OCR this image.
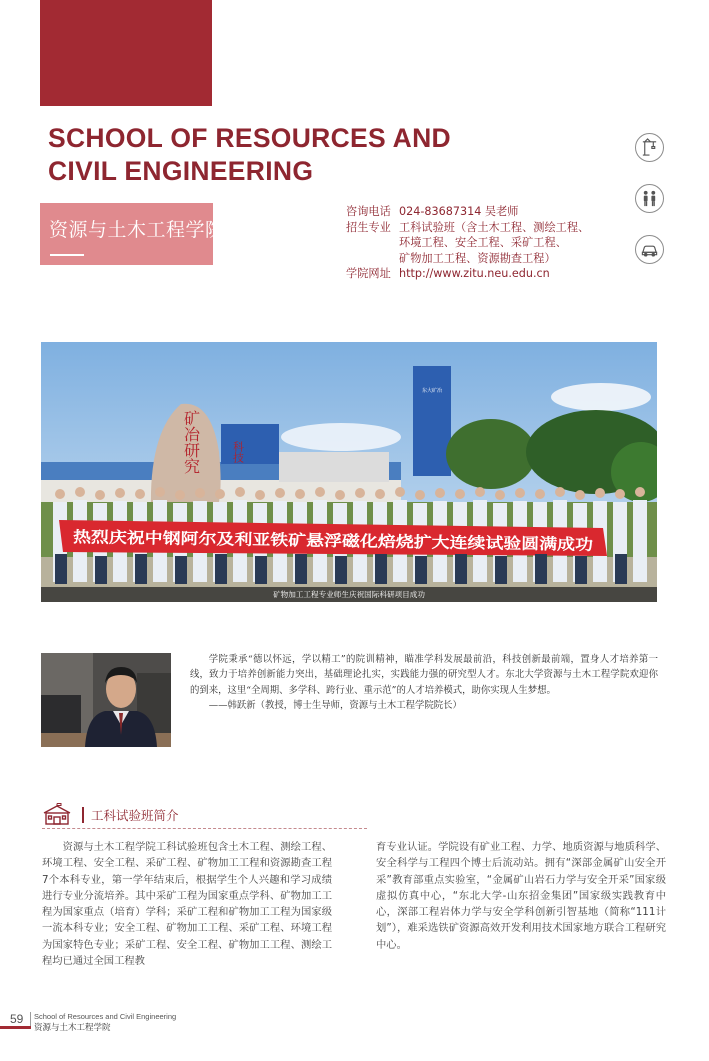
SCHOOL OF RESOURCES AND
CIVIL ENGINEERING
资源与土木工程学院
咨询电话 024-83687314 吴老师
招生专业 工科试验班（含土木工程、测绘工程、
环境工程、安全工程、采矿工程、
矿物加工工程、资源勘查工程）
学院网址 http://www.zitu.neu.edu.cn
东大矿冶
矿冶研究	科技
热烈庆祝中钢阿尔及利亚铁矿悬浮磁化焙烧扩大连续试验圆满成功
矿物加工工程专业师生庆祝国际科研项目成功

学院秉承“德以怀远，学以精工”的院训精神，瞄准学科发展最前沿，科技创新最前端，置身人才培养第一线，致力于培养创新能力突出，基础理论扎实，实践能力强的研究型人才。东北大学资源与土木工程学院欢迎你的到来，这里“全周期、多学科、跨行业、重示范”的人才培养模式，助你实现人生梦想。

——韩跃新（教授，博士生导师，资源与土木工程学院院长）

工科试验班简介
资源与土木工程学院工科试验班包含土木工程、测绘工程、环境工程、安全工程、采矿工程、矿物加工工程和资源勘查工程7个本科专业，第一学年结束后，根据学生个人兴趣和学习成绩进行专业分流培养。其中采矿工程为国家重点学科、矿物加工工程为国家重点（培育）学科；采矿工程和矿物加工工程为国家级一流本科专业；安全工程、矿物加工工程、采矿工程、环境工程为国家特色专业；采矿工程、安全工程、矿物加工工程、测绘工程均已通过全国工程教
育专业认证。学院设有矿业工程、力学、地质资源与地质科学、安全科学与工程四个博士后流动站。拥有“深部金属矿山安全开采”教育部重点实验室，“金属矿山岩石力学与安全开采”国家级虚拟仿真中心，“东北大学-山东招金集团”国家级实践教育中心，深部工程岩体力学与安全学科创新引智基地（简称“111计划”），难采选铁矿资源高效开发利用技术国家地方联合工程研究中心。
59 School of Resources and Civil Engineering
资源与土木工程学院
